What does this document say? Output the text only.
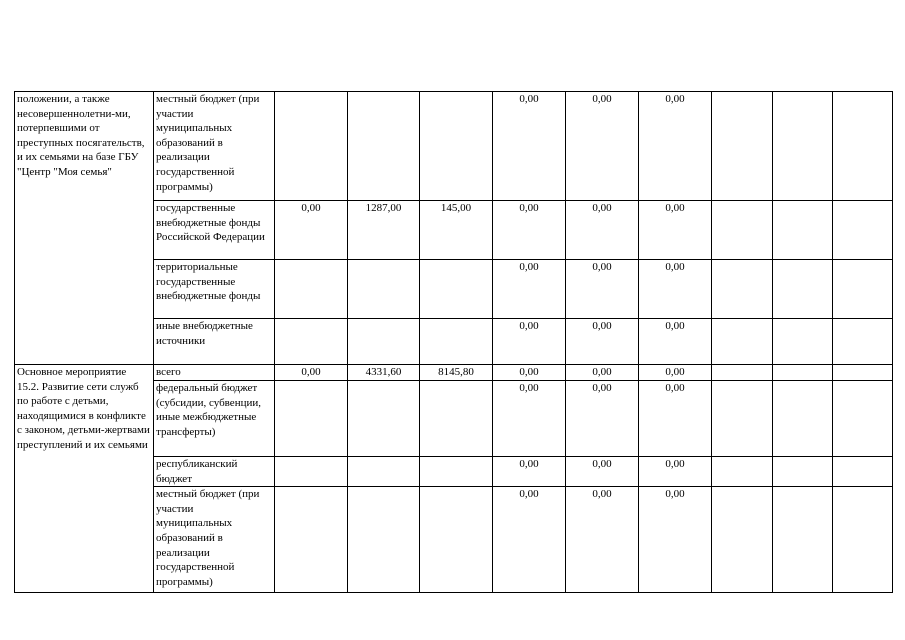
положении, а также несовершеннолетни-ми, потерпевшими от преступных посягательств, и их семьями на базе ГБУ "Центр "Моя семья"	местный бюджет (при участии муниципальных образований в реализации государственной программы)				0,00	0,00	0,00			
	государственные внебюджетные фонды Российской Федерации	0,00	1287,00	145,00	0,00	0,00	0,00			
	территориальные государственные внебюджетные фонды				0,00	0,00	0,00			
	иные внебюджетные источники				0,00	0,00	0,00			
Основное мероприятие 15.2. Развитие сети служб по работе с детьми, находящимися в конфликте с законом, детьми-жертвами преступлений и их семьями	всего	0,00	4331,60	8145,80	0,00	0,00	0,00			
	федеральный бюджет (субсидии, субвенции, иные межбюджетные трансферты)				0,00	0,00	0,00			
	республиканский бюджет				0,00	0,00	0,00			
	местный бюджет (при участии муниципальных образований в реализации государственной программы)				0,00	0,00	0,00			
